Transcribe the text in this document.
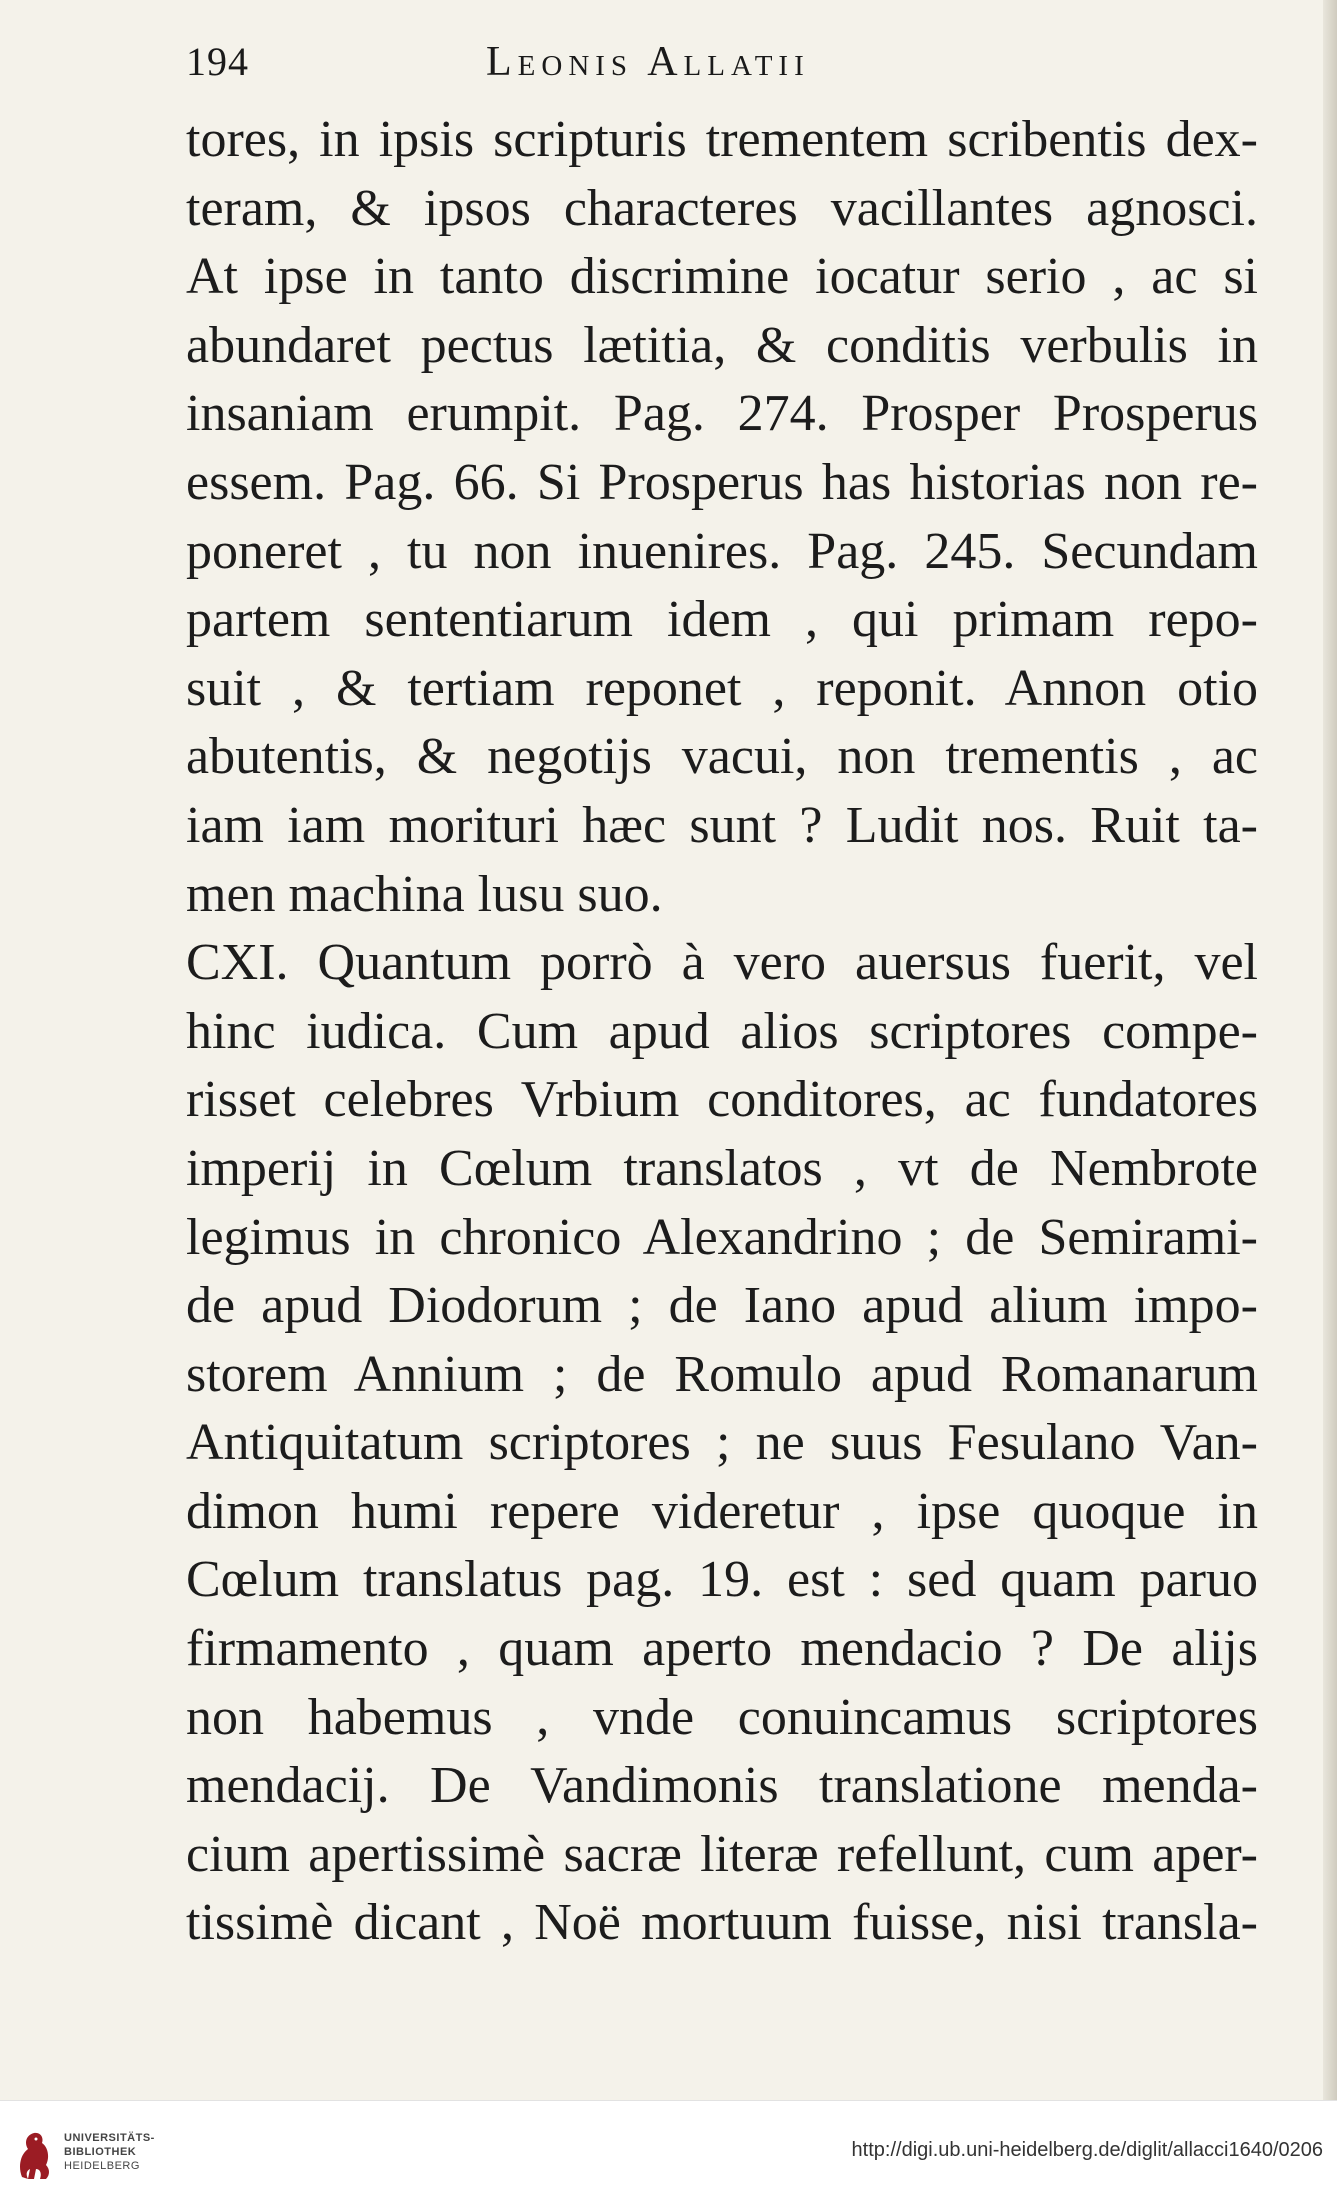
194	Leonis Allatii
tores, in ipsis scripturis trementem scribentis dex-
teram, & ipsos characteres vacillantes agnosci.
At ipse in tanto discrimine iocatur serio , ac si
abundaret pectus lætitia, & conditis verbulis in
insaniam erumpit. Pag. 274. Prosper Prosperus
essem. Pag. 66. Si Prosperus has historias non re-
poneret , tu non inuenires. Pag. 245. Secundam
partem sententiarum idem , qui primam repo-
suit , & tertiam reponet , reponit. Annon otio
abutentis, & negotijs vacui, non trementis , ac
iam iam morituri hæc sunt ? Ludit nos. Ruit ta-
men machina lusu suo.
CXI. Quantum porrò à vero auersus fuerit, vel
hinc iudica. Cum apud alios scriptores compe-
risset celebres Vrbium conditores, ac fundatores
imperij in Cœlum translatos , vt de Nembrote
legimus in chronico Alexandrino ; de Semirami-
de apud Diodorum ; de Iano apud alium impo-
storem Annium ; de Romulo apud Romanarum
Antiquitatum scriptores ; ne suus Fesulano Van-
dimon humi repere videretur , ipse quoque in
Cœlum translatus pag. 19. est : sed quam paruo
firmamento , quam aperto mendacio ? De alijs
non habemus , vnde conuincamus scriptores
mendacij. De Vandimonis translatione menda-
cium apertissimè sacræ literæ refellunt, cum aper-
tissimè dicant , Noë mortuum fuisse, nisi transla-
UNIVERSITÄTS-
BIBLIOTHEK
HEIDELBERG
http://digi.ub.uni-heidelberg.de/diglit/allacci1640/0206
